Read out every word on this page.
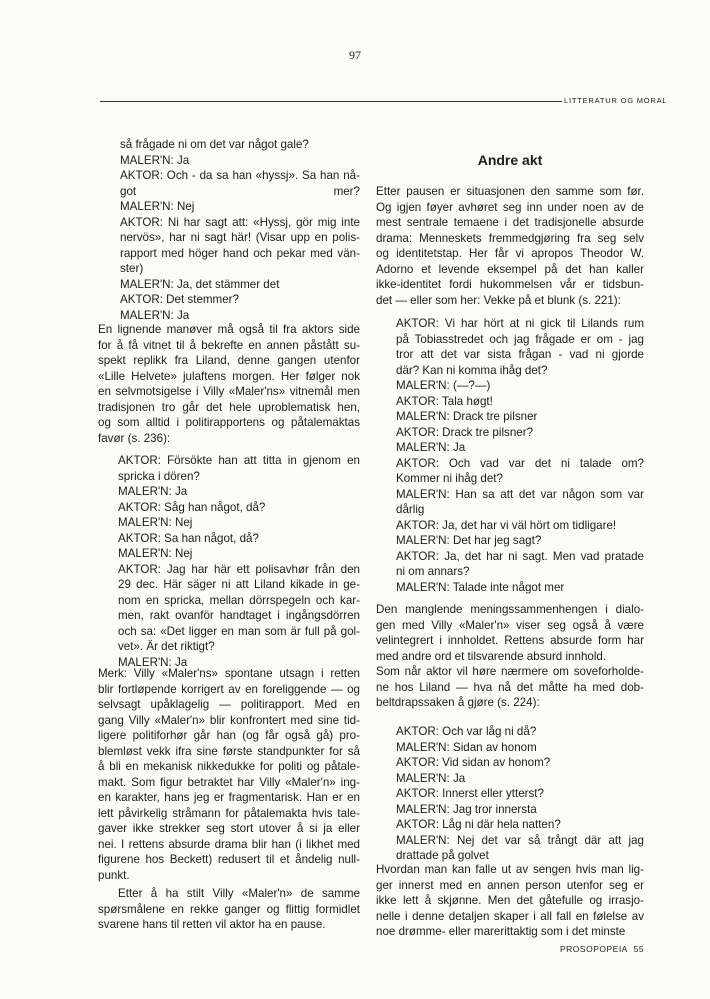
97
LITTERATUR OG MORAL
så frågade ni om det var något gale?
MALER'N: Ja
AKTOR: Och - da sa han «hyssj». Sa han nå-
got mer?
MALER'N: Nej
AKTOR: Ni har sagt att: «Hyssj, gör mig inte
nervös», har ni sagt här! (Visar upp en polis-
rapport med höger hand och pekar med vän-
ster)
MALER'N: Ja, det stämmer det
AKTOR: Det stemmer?
MALER'N: Ja
En lignende manøver må også til fra aktors side
for å få vitnet til å bekrefte en annen påstått su-
spekt replikk fra Liland, denne gangen utenfor
«Lille Helvete» julaftens morgen. Her følger nok
en selvmotsigelse i Villy «Maler'ns» vitnemål men
tradisjonen tro går det hele uproblematisk hen,
og som alltid i politirapportens og påtalemaktas
favør (s. 236):
AKTOR: Försökte han att titta in gjenom en
spricka i dören?
MALER'N: Ja
AKTOR: Såg han något, då?
MALER'N: Nej
AKTOR: Sa han något, då?
MALER'N: Nej
AKTOR: Jag har här ett polisavhør från den
29 dec. Här säger ni att Liland kikade in ge-
nom en spricka, mellan dörrspegeln och kar-
men, rakt ovanför handtaget i ingångsdörren
och sa: «Det ligger en man som är full på gol-
vet». Är det riktigt?
MALER'N: Ja
Merk: Villy «Maler'ns» spontane utsagn i retten
blir fortløpende korrigert av en foreliggende — og
selvsagt upåklagelig — politirapport. Med en
gang Villy «Maler'n» blir konfrontert med sine tid-
ligere politiforhør går han (og får også gå) pro-
blemløst vekk ifra sine første standpunkter for så
å bli en mekanisk nikkedukke for politi og påtale-
makt. Som figur betraktet har Villy «Maler'n» ing-
en karakter, hans jeg er fragmentarisk. Han er en
lett påvirkelig stråmann for påtalemakta hvis tale-
gaver ikke strekker seg stort utover å si ja eller
nei. I rettens absurde drama blir han (i likhet med
figurene hos Beckett) redusert til et åndelig null-
punkt.
Etter å ha stilt Villy «Maler'n» de samme
spørsmålene en rekke ganger og flittig formidlet
svarene hans til retten vil aktor ha en pause.
Andre akt
Etter pausen er situasjonen den samme som før.
Og igjen føyer avhøret seg inn under noen av de
mest sentrale temaene i det tradisjonelle absurde
drama: Menneskets fremmedgjøring fra seg selv
og identitetstap. Her får vi apropos Theodor W.
Adorno et levende eksempel på det han kaller
ikke-identitet fordi hukommelsen vår er tidsbun-
det — eller som her: Vekke på et blunk (s. 221):
AKTOR: Vi har hört at ni gick til Lilands rum
på Tobiasstredet och jag frågade er om - jag
tror att det var sista frågan - vad ni gjorde
där? Kan ni komma ihåg det?
MALER'N: (—?—)
AKTOR: Tala høgt!
MALER'N: Drack tre pilsner
AKTOR: Drack tre pilsner?
MALER'N: Ja
AKTOR: Och vad var det ni talade om?
Kommer ni ihåg det?
MALER'N: Han sa att det var någon som var
dårlig
AKTOR: Ja, det har vi väl hört om tidligare!
MALER'N: Det har jeg sagt?
AKTOR: Ja, det har ni sagt. Men vad pratade
ni om annars?
MALER'N: Talade inte något mer
Den manglende meningssammenhengen i dialo-
gen med Villy «Maler'n» viser seg også å være
velintegrert i innholdet. Rettens absurde form har
med andre ord et tilsvarende absurd innhold.
Som når aktor vil høre nærmere om soveforholde-
ne hos Liland — hva nå det måtte ha med dob-
beltdrapssaken å gjøre (s. 224):
AKTOR: Och var låg ni då?
MALER'N: Sidan av honom
AKTOR: Vid sidan av honom?
MALER'N: Ja
AKTOR: Innerst eller ytterst?
MALER'N: Jag tror innersta
AKTOR: Låg ni där hela natten?
MALER'N: Nej det var så trångt där att jag
drattade på golvet
Hvordan man kan falle ut av sengen hvis man lig-
ger innerst med en annen person utenfor seg er
ikke lett å skjønne. Men det gåtefulle og irrasjo-
nelle i denne detaljen skaper i all fall en følelse av
noe drømme- eller marerittaktig som i det minste
PROSOPOPEIA 55
